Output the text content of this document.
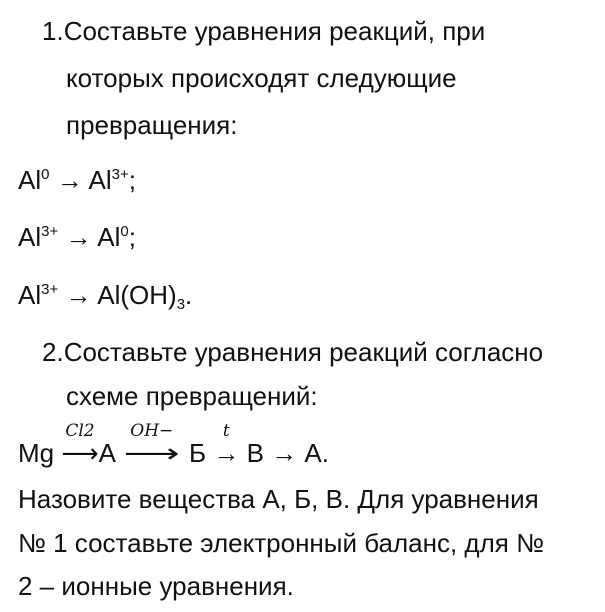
1.Составьте уравнения реакций, при
которых происходят следующие
превращения:
$Al^0 \to Al^{3+}$;
$Al^{3+} \to Al^0$;
$Al^{3+} \to Al(OH)_3$.
2.Составьте уравнения реакций согласно
схеме превращений:
Mg
Cl2
⟶A
OH−
⟶ Б
t
→ В → А.
Назовите вещества А, Б, В. Для уравнения
№ 1 составьте электронный баланс, для №
2 – ионные уравнения.
